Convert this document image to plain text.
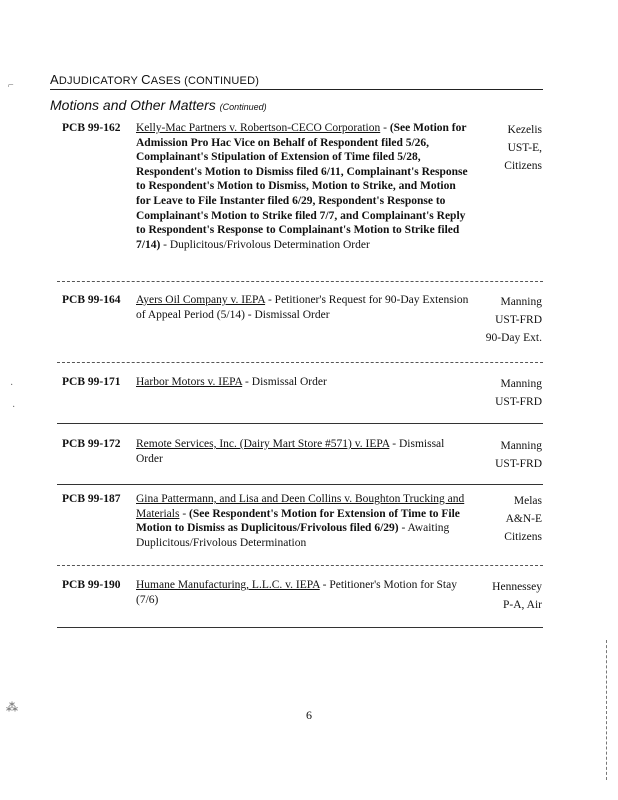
ADJUDICATORY CASES (CONTINUED)
Motions and Other Matters (Continued)
PCB 99-162 Kelly-Mac Partners v. Robertson-CECO Corporation - (See Motion for Admission Pro Hac Vice on Behalf of Respondent filed 5/26, Complainant's Stipulation of Extension of Time filed 5/28, Respondent's Motion to Dismiss filed 6/11, Complainant's Response to Respondent's Motion to Dismiss, Motion to Strike, and Motion for Leave to File Instanter filed 6/29, Respondent's Response to Complainant's Motion to Strike filed 7/7, and Complainant's Reply to Respondent's Response to Complainant's Motion to Strike filed 7/14) - Duplicitous/Frivolous Determination Order
Kezelis
UST-E,
Citizens
PCB 99-164 Ayers Oil Company v. IEPA - Petitioner's Request for 90-Day Extension of Appeal Period (5/14) - Dismissal Order
Manning
UST-FRD
90-Day Ext.
PCB 99-171 Harbor Motors v. IEPA - Dismissal Order	Manning
UST-FRD
PCB 99-172 Remote Services, Inc. (Dairy Mart Store #571) v. IEPA - Dismissal Order
Manning
UST-FRD
PCB 99-187 Gina Pattermann, and Lisa and Deen Collins v. Boughton Trucking and Materials - (See Respondent's Motion for Extension of Time to File Motion to Dismiss as Duplicitous/Frivolous filed 6/29) - Awaiting Duplicitous/Frivolous Determination
Melas
A&N-E
Citizens
PCB 99-190 Humane Manufacturing, L.L.C. v. IEPA - Petitioner's Motion for Stay (7/6)
Hennessey
P-A, Air
6
⌐
·
·
⁂
